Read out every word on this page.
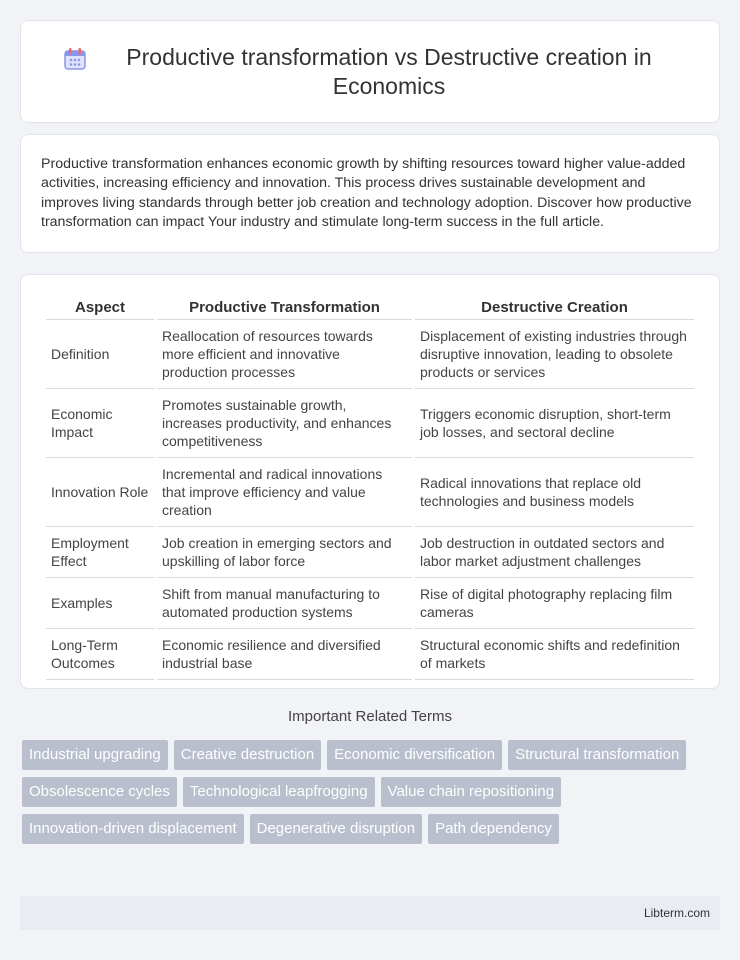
Productive transformation vs Destructive creation in Economics

Productive transformation enhances economic growth by shifting resources toward higher value-added activities, increasing efficiency and innovation. This process drives sustainable development and improves living standards through better job creation and technology adoption. Discover how productive transformation can impact Your industry and stimulate long-term success in the full article.

Aspect	Productive Transformation	Destructive Creation
Definition	Reallocation of resources towards more efficient and innovative production processes	Displacement of existing industries through disruptive innovation, leading to obsolete products or services
Economic Impact	Promotes sustainable growth, increases productivity, and enhances competitiveness	Triggers economic disruption, short-term job losses, and sectoral decline
Innovation Role	Incremental and radical innovations that improve efficiency and value creation	Radical innovations that replace old technologies and business models
Employment Effect	Job creation in emerging sectors and upskilling of labor force	Job destruction in outdated sectors and labor market adjustment challenges
Examples	Shift from manual manufacturing to automated production systems	Rise of digital photography replacing film cameras
Long-Term Outcomes	Economic resilience and diversified industrial base	Structural economic shifts and redefinition of markets
Important Related Terms
Industrial upgrading	Creative destruction	Economic diversification	Structural transformation
Obsolescence cycles	Technological leapfrogging	Value chain repositioning
Innovation-driven displacement	Degenerative disruption	Path dependency
Libterm.com
